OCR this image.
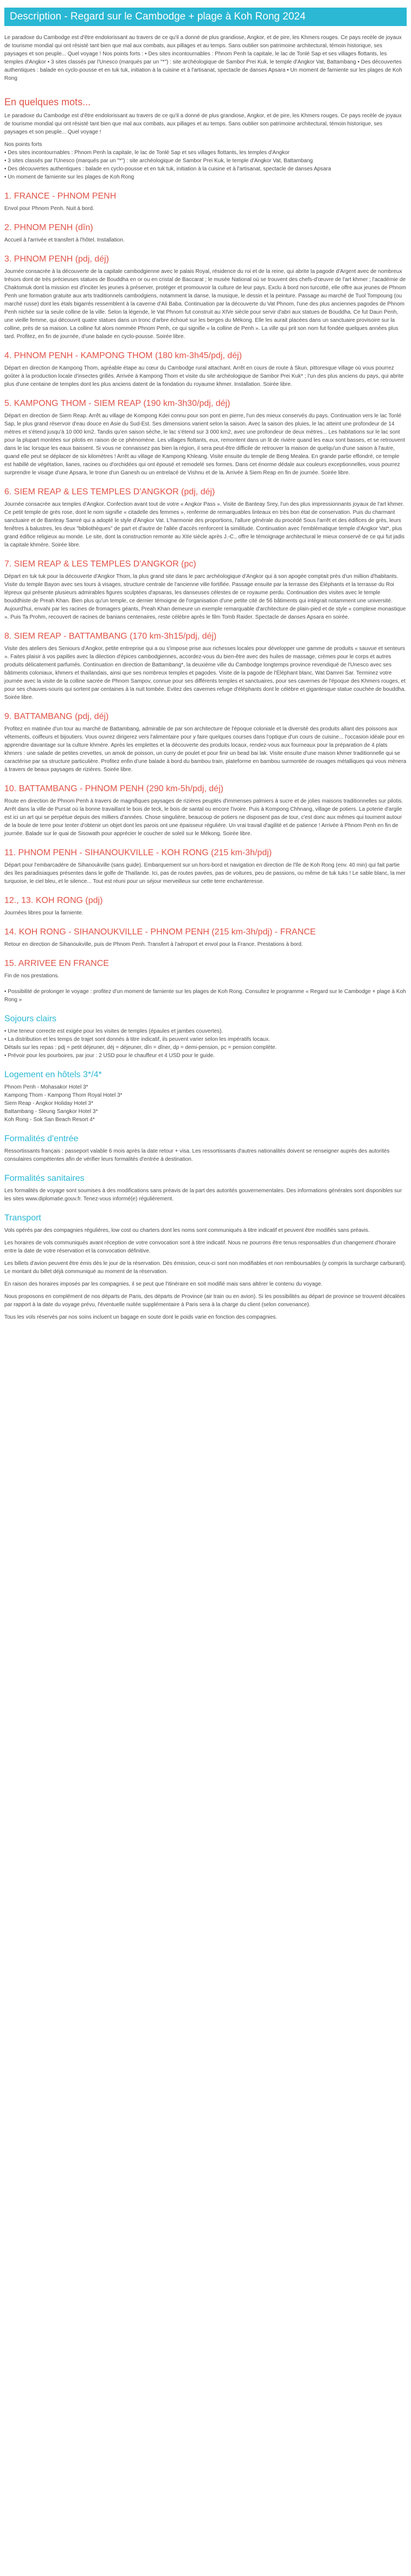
Description - Regard sur le Cambodge + plage à Koh Rong 2024

Le paradoxe du Cambodge est d'être endolorissant au travers de ce qu'il a donné de plus grandiose, Angkor, et de pire, les Khmers rouges. Ce pays recèle de joyaux de tourisme mondial qui ont résisté tant bien que mal aux combats, aux pillages et au temps. Sans oublier son patrimoine architectural, témoin historique, ses paysages et son peuple... Quel voyage ! Nos points forts : • Des sites incontournables : Phnom Penh la capitale, le lac de Tonlé Sap et ses villages flottants, les temples d'Angkor • 3 sites classés par l'Unesco (marqués par un "*") : site archéologique de Sambor Prei Kuk, le temple d'Angkor Vat, Battambang • Des découvertes authentiques : balade en cyclo-pousse et en tuk tuk, initiation à la cuisine et à l'artisanat, spectacle de danses Apsara • Un moment de farniente sur les plages de Koh Rong

En quelques mots...

Le paradoxe du Cambodge est d'être endolorissant au travers de ce qu'il a donné de plus grandiose, Angkor, et de pire, les Khmers rouges. Ce pays recèle de joyaux de tourisme mondial qui ont résisté tant bien que mal aux combats, aux pillages et au temps. Sans oublier son patrimoine architectural, témoin historique, ses paysages et son peuple... Quel voyage !

Nos points forts

• Des sites incontournables : Phnom Penh la capitale, le lac de Tonlé Sap et ses villages flottants, les temples d'Angkor
• 3 sites classés par l'Unesco (marqués par un "*") : site archéologique de Sambor Prei Kuk, le temple d'Angkor Vat, Battambang
• Des découvertes authentiques : balade en cyclo-pousse et en tuk tuk, initiation à la cuisine et à l'artisanat, spectacle de danses Apsara
• Un moment de farniente sur les plages de Koh Rong
1. FRANCE - PHNOM PENH

Envol pour Phnom Penh. Nuit à bord.

2. PHNOM PENH (dîn)

Accueil à l'arrivée et transfert à l'hôtel. Installation.

3. PHNOM PENH (pdj, déj)

Journée consacrée à la découverte de la capitale cambodgienne avec le palais Royal, résidence du roi et de la reine, qui abrite la pagode d'Argent avec de nombreux trésors dont de très précieuses statues de Bouddha en or ou en cristal de Baccarat ; le musée National où se trouvent des chefs-d'œuvre de l'art khmer ; l'académie de Chaktomuk dont la mission est d'inciter les jeunes à préserver, protéger et promouvoir la culture de leur pays. Exclu à bord non turcotté, elle offre aux jeunes de Phnom Penh une formation gratuite aux arts traditionnels cambodgiens, notamment la danse, la musique, le dessin et la peinture. Passage au marché de Tuol Tompoung (ou marché russe) dont les étals bigarrés ressemblent à la caverne d'Ali Baba. Continuation par la découverte du Vat Phnom, l'une des plus anciennes pagodes de Phnom Penh nichée sur la seule colline de la ville. Selon la légende, le Vat Phnom fut construit au XIVe siècle pour servir d'abri aux statues de Bouddha. Ce fut Daun Penh, une vieille femme, qui découvrit quatre statues dans un tronc d'arbre échoué sur les berges du Mékong. Elle les aurait placées dans un sanctuaire provisoire sur la colline, près de sa maison. La colline fut alors nommée Phnom Penh, ce qui signifie « la colline de Penh ». La ville qui prit son nom fut fondée quelques années plus tard. Profitez, en fin de journée, d'une balade en cyclo-pousse. Soirée libre.

4. PHNOM PENH - KAMPONG THOM (180 km-3h45/pdj, déj)

Départ en direction de Kampong Thom, agréable étape au cœur du Cambodge rural attachant. Arrêt en cours de route à Skun, pittoresque village où vous pourrez goûter à la production locale d'insectes grillés. Arrivée à Kampong Thom et visite du site archéologique de Sambor Prei Kuk* ; l'un des plus anciens du pays, qui abrite plus d'une centaine de temples dont les plus anciens datent de la fondation du royaume khmer. Installation. Soirée libre.

5. KAMPONG THOM - SIEM REAP (190 km-3h30/pdj, déj)

Départ en direction de Siem Reap. Arrêt au village de Kompong Kdei connu pour son pont en pierre, l'un des mieux conservés du pays. Continuation vers le lac Tonlé Sap, le plus grand réservoir d'eau douce en Asie du Sud-Est. Ses dimensions varient selon la saison. Avec la saison des pluies, le lac atteint une profondeur de 14 mètres et s'étend jusqu'à 10 000 km2. Tandis qu'en saison sèche, le lac s'étend sur 3 000 km2, avec une profondeur de deux mètres... Les habitations sur le lac sont pour la plupart montées sur pilotis en raison de ce phénomène. Les villages flottants, eux, remontent dans un lit de rivière quand les eaux sont basses, et se retrouvent dans le lac lorsque les eaux baissent. Si vous ne connaissez pas bien la région, il sera peut-être difficile de retrouver la maison de quelqu'un d'une saison à l'autre, quand elle peut se déplacer de six kilomètres ! Arrêt au village de Kampong Khleang. Visite ensuite du temple de Beng Mealea. En grande partie effondré, ce temple est habillé de végétation, lianes, racines ou d'orchidées qui ont épousé et remodelé ses formes. Dans cet énorme dédale aux couleurs exceptionnelles, vous pourrez surprendre le visage d'une Apsara, le trone d'un Ganesh ou un entrelacé de Vishnu et de la. Arrivée à Siem Reap en fin de journée. Soirée libre.

6. SIEM REAP & LES TEMPLES D'ANGKOR (pdj, déj)

Journée consacrée aux temples d'Angkor. Confection avant tout de votre « Angkor Pass ». Visite de Banteay Srey, l'un des plus impressionnants joyaux de l'art khmer. Ce petit temple de grès rose, dont le nom signifie « citadelle des femmes », renferme de remarquables linteaux en très bon état de conservation. Puis du charmant sanctuaire et de Banteay Samré qui a adopté le style d'Angkor Vat. L'harmonie des proportions, l'allure générale du procédé Sous l'arrêt et des édifices de grès, leurs fenêtres à balustres, les deux "bibliothèques" de part et d'autre de l'allée d'accès renforcent la similitude. Continuation avec l'emblématique temple d'Angkor Vat*, plus grand édifice religieux au monde. Le site, dont la construction remonte au XIIe siècle après J.-C., offre le témoignage architectural le mieux conservé de ce qui fut jadis la capitale khmère. Soirée libre.

7. SIEM REAP & LES TEMPLES D'ANGKOR (pc)

Départ en tuk tuk pour la découverte d'Angkor Thom, la plus grand site dans le parc archéologique d'Angkor qui à son apogée comptait près d'un million d'habitants. Visite du temple Bayon avec ses tours à visages, structure centrale de l'ancienne ville fortifiée. Passage ensuite par la terrasse des Éléphants et la terrasse du Roi lépreux qui présente plusieurs admirables figures sculptées d'apsaras, les danseuses célestes de ce royaume perdu. Continuation des visites avec le temple bouddhiste de Preah Khan. Bien plus qu'un temple, ce dernier témoigne de l'organisation d'une petite cité de 56 bâtiments qui intégrait notamment une université. Aujourd'hui, envahi par les racines de fromagers géants, Preah Khan demeure un exemple remarquable d'architecture de plain-pied et de style « complexe monastique ». Puis Ta Prohm, recouvert de racines de banians centenaires, reste célèbre après le film Tomb Raider. Spectacle de danses Apsara en soirée.

8. SIEM REAP - BATTAMBANG (170 km-3h15/pdj, déj)

Visite des ateliers des Seniours d'Angkor, petite entreprise qui a ou s'impose prise aux richesses locales pour développer une gamme de produits « sauvue et senteurs ». Faites plaisir à vos papilles avec la dilection d'épices cambodgiennes, accordez-vous du bien-être avec des huiles de massage, crèmes pour le corps et autres produits délicatement parfumés. Continuation en direction de Battambang*, la deuxième ville du Cambodge longtemps province revendiqué de l'Unesco avec ses bâtiments coloniaux, khmers et thaïlandais, ainsi que ses nombreux temples et pagodes. Visite de la pagode de l'Éléphant blanc, Wat Damrei Sar. Terminez votre journée avec la visite de la colline sacrée de Phnom Sampov, connue pour ses différents temples et sanctuaires, pour ses cavernes de l'époque des Khmers rouges, et pour ses chauves-souris qui sortent par centaines à la nuit tombée. Evitez des cavernes refuge d'éléphants dont le célèbre et gigantesque statue couchée de bouddha. Soirée libre.

9. BATTAMBANG (pdj, déj)

Profitez en matinée d'un tour au marché de Battambang, admirable de par son architecture de l'époque coloniale et la diversité des produits allant des poissons aux vêtements, coiffeurs et bijoutiers. Vous ouvrez dirigerez vers l'alimentaire pour y faire quelques courses dans l'optique d'un cours de cuisine... l'occasion idéale pour en apprendre davantage sur la culture khmère. Après les emplettes et la découverte des produits locaux, rendez-vous aux fourneaux pour la préparation de 4 plats khmers : une salade de petites crevettes, un amok de poisson, un curry de poulet et pour finir un bead bai lak. Visite ensuite d'une maison khmer traditionnelle qui se caractérise par sa structure particulière. Profitez enfin d'une balade à bord du bambou train, plateforme en bambou surmontée de rouages métalliques qui vous mènera à travers de beaux paysages de rizières. Soirée libre.

10. BATTAMBANG - PHNOM PENH (290 km-5h/pdj, déj)

Route en direction de Phnom Penh à travers de magnifiques paysages de rizières peuplés d'immenses palmiers à sucre et de jolies maisons traditionnelles sur pilotis. Arrêt dans la ville de Pursat où la bonne travaillant le bois de teck, le bois de santal ou encore l'ivoire. Puis à Kompong Chhnang, village de potiers. La poterie d'argile est ici un art qui se perpétue depuis des milliers d'années. Chose singulière, beaucoup de potiers ne disposent pas de tour, c'est donc aux mêmes qui tournent autour de la boule de terre pour tenter d'obtenir un objet dont les parois ont une épaisseur régulière. Un vrai travail d'agilité et de patience ! Arrivée à Phnom Penh en fin de journée. Balade sur le quai de Sisowath pour apprécier le coucher de soleil sur le Mékong. Soirée libre.

11. PHNOM PENH - SIHANOUKVILLE - KOH RONG (215 km-3h/pdj)

Départ pour l'embarcadère de Sihanoukville (sans guide). Embarquement sur un hors-bord et navigation en direction de l'île de Koh Rong (env. 40 min) qui fait partie des îles paradisiaques présentes dans le golfe de Thaïlande. Ici, pas de routes pavées, pas de voitures, peu de passions, ou même de tuk tuks ! Le sable blanc, la mer turquoise, le ciel bleu, et le silence... Tout est réuni pour un séjour merveilleux sur cette terre enchanteresse.

12., 13. KOH RONG (pdj)

Journées libres pour la farniente.

14. KOH RONG - SIHANOUKVILLE - PHNOM PENH (215 km-3h/pdj) - FRANCE

Retour en direction de Sihanoukville, puis de Phnom Penh. Transfert à l'aéroport et envol pour la France. Prestations à bord.

15. ARRIVEE EN FRANCE

Fin de nos prestations.

• Possibilité de prolonger le voyage : profitez d'un moment de farniente sur les plages de Koh Rong. Consultez le programme « Regard sur le Cambodge + plage à Koh Rong »

Sojours clairs
• Une teneur correcte est exigée pour les visites de temples (épaules et jambes couvertes).
• La distribution et les temps de trajet sont donnés à titre indicatif, ils peuvent varier selon les impératifs locaux.
Détails sur les repas : pdj = petit déjeuner, déj = déjeuner, dîn = dîner, dp = demi-pension, pc = pension complète.
• Prévoir pour les pourboires, par jour : 2 USD pour le chauffeur et 4 USD pour le guide.
Logement en hôtels 3*/4*
Phnom Penh - Mohasakor Hotel 3*
Kampong Thom - Kampong Thom Royal Hotel 3*
Siem Reap - Angkor Holiday Hotel 3*
Battambang - Sleung Sangkor Hotel 3*
Koh Rong - Sok San Beach Resort 4*
Formalités d'entrée

Ressortissants français : passeport valable 6 mois après la date retour + visa. Les ressortissants d'autres nationalités doivent se renseigner auprès des autorités consulaires compétentes afin de vérifier leurs formalités d'entrée à destination.

Formalités sanitaires

Les formalités de voyage sont soumises à des modifications sans préavis de la part des autorités gouvernementales. Des informations générales sont disponibles sur les sites www.diplomatie.gouv.fr. Tenez-vous informé(e) régulièrement.

Transport

Vols opérés par des compagnies régulières, low cost ou charters dont les noms sont communiqués à titre indicatif et peuvent être modifiés sans préavis.

Les horaires de vols communiqués avant réception de votre convocation sont à titre indicatif. Nous ne pourrons être tenus responsables d'un changement d'horaire entre la date de votre réservation et la convocation définitive.

Les billets d'avion peuvent être émis dès le jour de la réservation. Dès émission, ceux-ci sont non modifiables et non remboursables (y compris la surcharge carburant). Le montant du billet déjà communiqué au moment de la réservation.

En raison des horaires imposés par les compagnies, il se peut que l'itinéraire en soit modifié mais sans altérer le contenu du voyage.

Nous proposons en complément de nos départs de Paris, des départs de Province (air train ou en avion). Si les possibilités au départ de province se trouvent décalées par rapport à la date du voyage prévu, l'éventuelle nuitée supplémentaire à Paris sera à la charge du client (selon convenance).

Tous les vols réservés par nos soins incluent un bagage en soute dont le poids varie en fonction des compagnies.
